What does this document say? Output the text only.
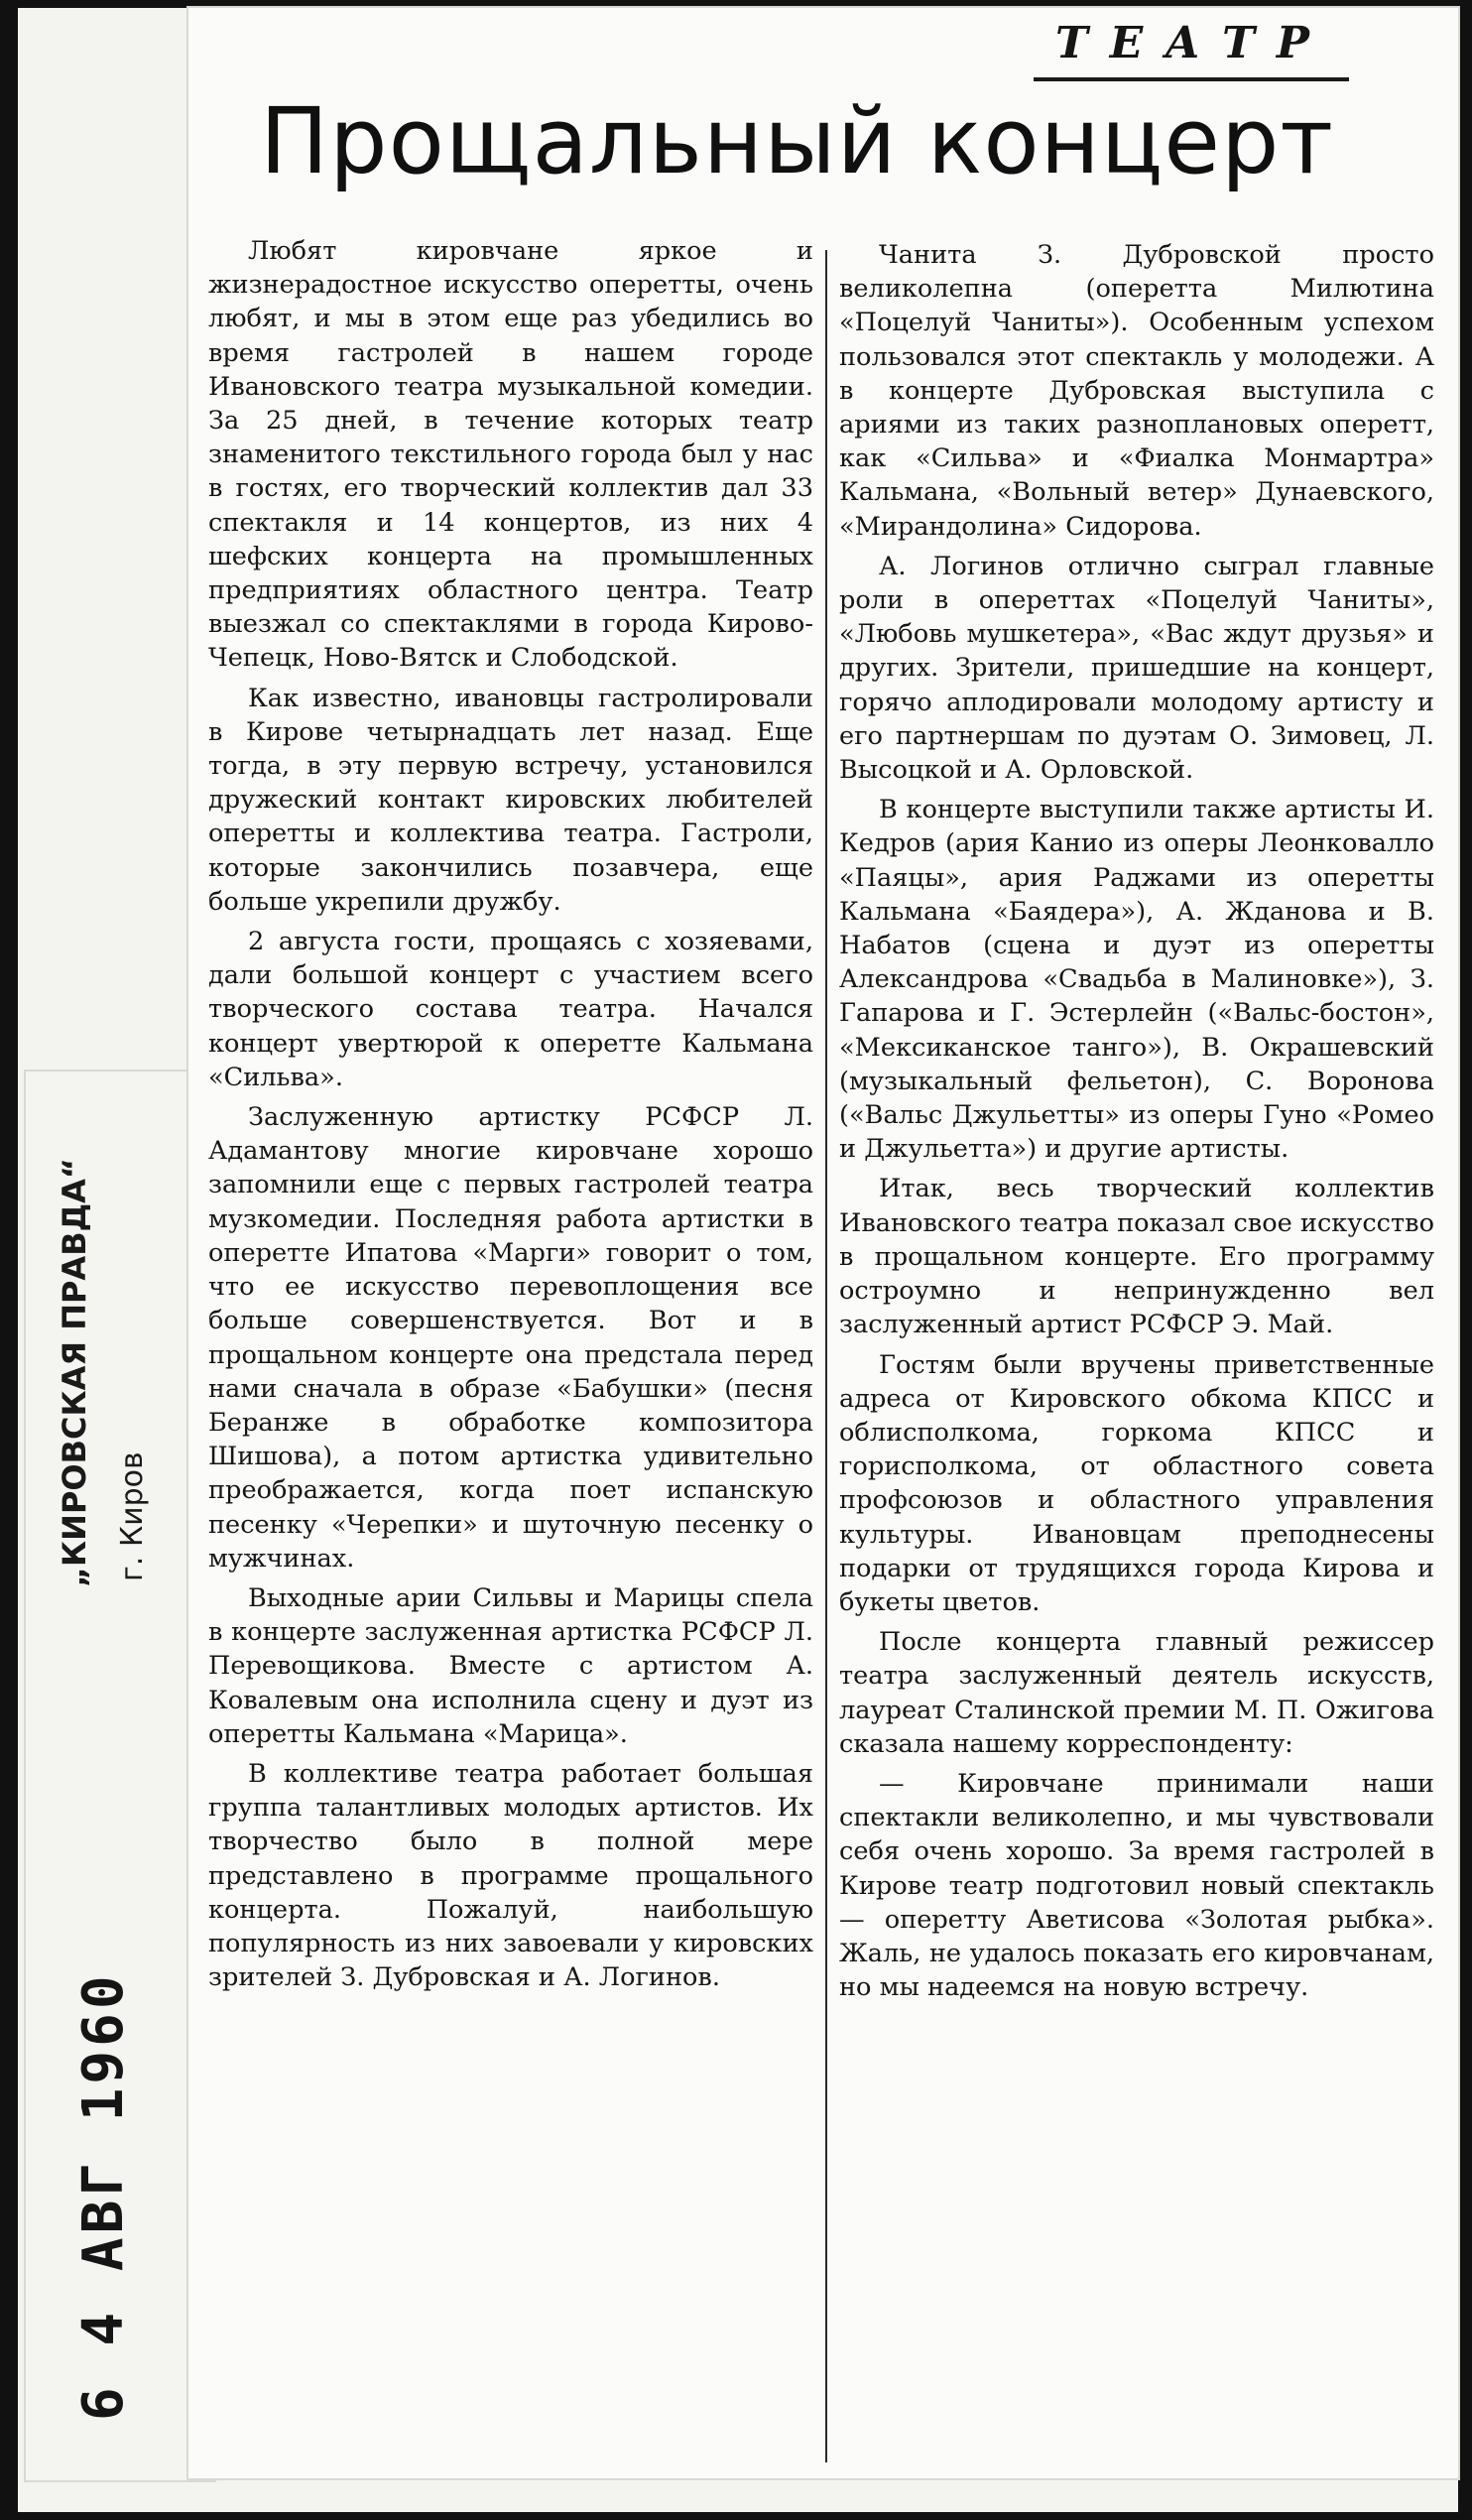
ТЕАТР
Прощальный концерт

Любят кировчане яркое и жизнерадостное искусство оперетты, очень любят, и мы в этом еще раз убедились во время гастролей в нашем городе Ивановского театра музыкальной комедии. За 25 дней, в течение которых театр знаменитого текстильного города был у нас в гостях, его творческий коллектив дал 33 спектакля и 14 концертов, из них 4 шефских концерта на промышленных предприятиях областного центра. Театр выезжал со спектаклями в города Кирово-Чепецк, Ново-Вятск и Слободской.

Как известно, ивановцы гастролировали в Кирове четырнадцать лет назад. Еще тогда, в эту первую встречу, установился дружеский контакт кировских любителей оперетты и коллектива театра. Гастроли, которые закончились позавчера, еще больше укрепили дружбу.

2 августа гости, прощаясь с хозяевами, дали большой концерт с участием всего творческого состава театра. Начался концерт увертюрой к оперетте Кальмана «Сильва».

Заслуженную артистку РСФСР Л. Адамантову многие кировчане хорошо запомнили еще с первых гастролей театра музкомедии. Последняя работа артистки в оперетте Ипатова «Марги» говорит о том, что ее искусство перевоплощения все больше совершенствуется. Вот и в прощальном концерте она предстала перед нами сначала в образе «Бабушки» (песня Беранже в обработке композитора Шишова), а потом артистка удивительно преображается, когда поет испанскую песенку «Черепки» и шуточную песенку о мужчинах.

Выходные арии Сильвы и Марицы спела в концерте заслуженная артистка РСФСР Л. Перевощикова. Вместе с артистом А. Ковалевым она исполнила сцену и дуэт из оперетты Кальмана «Марица».

В коллективе театра работает большая группа талантливых молодых артистов. Их творчество было в полной мере представлено в программе прощального концерта. Пожалуй, наибольшую популярность из них завоевали у кировских зрителей З. Дубровская и А. Логинов.

Чанита З. Дубровской просто великолепна (оперетта Милютина «Поцелуй Чаниты»). Особенным успехом пользовался этот спектакль у молодежи. А в концерте Дубровская выступила с ариями из таких разноплановых оперетт, как «Сильва» и «Фиалка Монмартра» Кальмана, «Вольный ветер» Дунаевского, «Мирандолина» Сидорова.

А. Логинов отлично сыграл главные роли в опереттах «Поцелуй Чаниты», «Любовь мушкетера», «Вас ждут друзья» и других. Зрители, пришедшие на концерт, горячо аплодировали молодому артисту и его партнершам по дуэтам О. Зимовец, Л. Высоцкой и А. Орловской.

В концерте выступили также артисты И. Кедров (ария Канио из оперы Леонковалло «Паяцы», ария Раджами из оперетты Кальмана «Баядера»), А. Жданова и В. Набатов (сцена и дуэт из оперетты Александрова «Свадьба в Малиновке»), З. Гапарова и Г. Эстерлейн («Вальс-бостон», «Мексиканское танго»), В. Окрашевский (музыкальный фельетон), С. Воронова («Вальс Джульетты» из оперы Гуно «Ромео и Джульетта») и другие артисты.

Итак, весь творческий коллектив Ивановского театра показал свое искусство в прощальном концерте. Его программу остроумно и непринужденно вел заслуженный артист РСФСР Э. Май.

Гостям были вручены приветственные адреса от Кировского обкома КПСС и облисполкома, горкома КПСС и горисполкома, от областного совета профсоюзов и областного управления культуры. Ивановцам преподнесены подарки от трудящихся города Кирова и букеты цветов.

После концерта главный режиссер театра заслуженный деятель искусств, лауреат Сталинской премии М. П. Ожигова сказала нашему корреспонденту:

— Кировчане принимали наши спектакли великолепно, и мы чувствовали себя очень хорошо. За время гастролей в Кирове театр подготовил новый спектакль — оперетту Аветисова «Золотая рыбка». Жаль, не удалось показать его кировчанам, но мы надеемся на новую встречу.

„КИРОВСКАЯ ПРАВДА“ г. Киров
6 4 АВГ 1960
